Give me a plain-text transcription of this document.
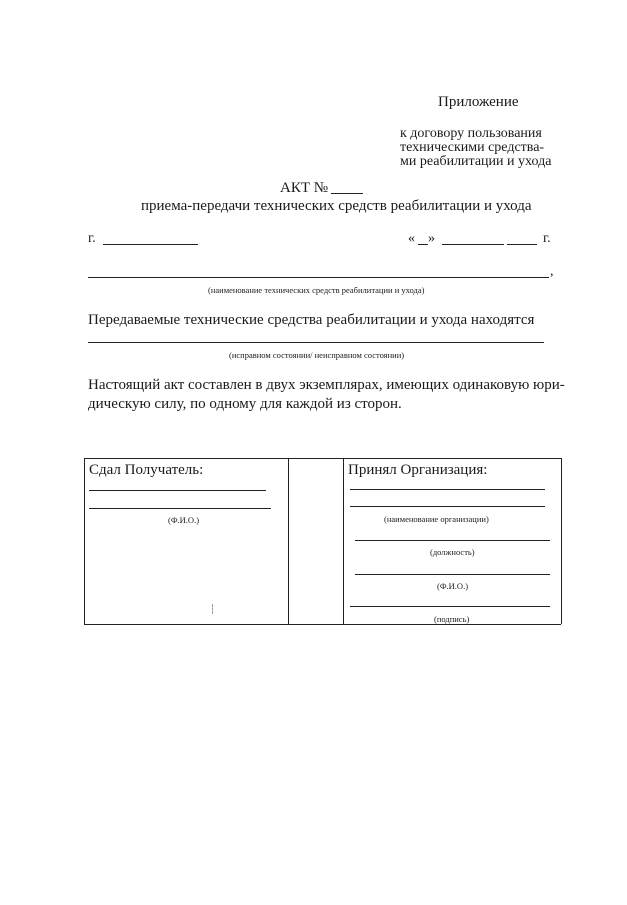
Приложение
к договору пользования
техническими средства-
ми реабилитации и ухода
АКТ №
приема-передачи технических средств реабилитации и ухода
г.	« »	г.
,
(наименование технических средств реабилитации и ухода)
Передаваемые технические средства реабилитации и ухода находятся
(исправном состоянии/ неисправном состоянии)
Настоящий акт составлен в двух экземплярах, имеющих одинаковую юри-
дическую силу, по одному для каждой из сторон.
Сдал Получатель:
(Ф.И.О.)
Принял Организация:
(наименование организации)
(должность)
(Ф.И.О.)
(подпись)
